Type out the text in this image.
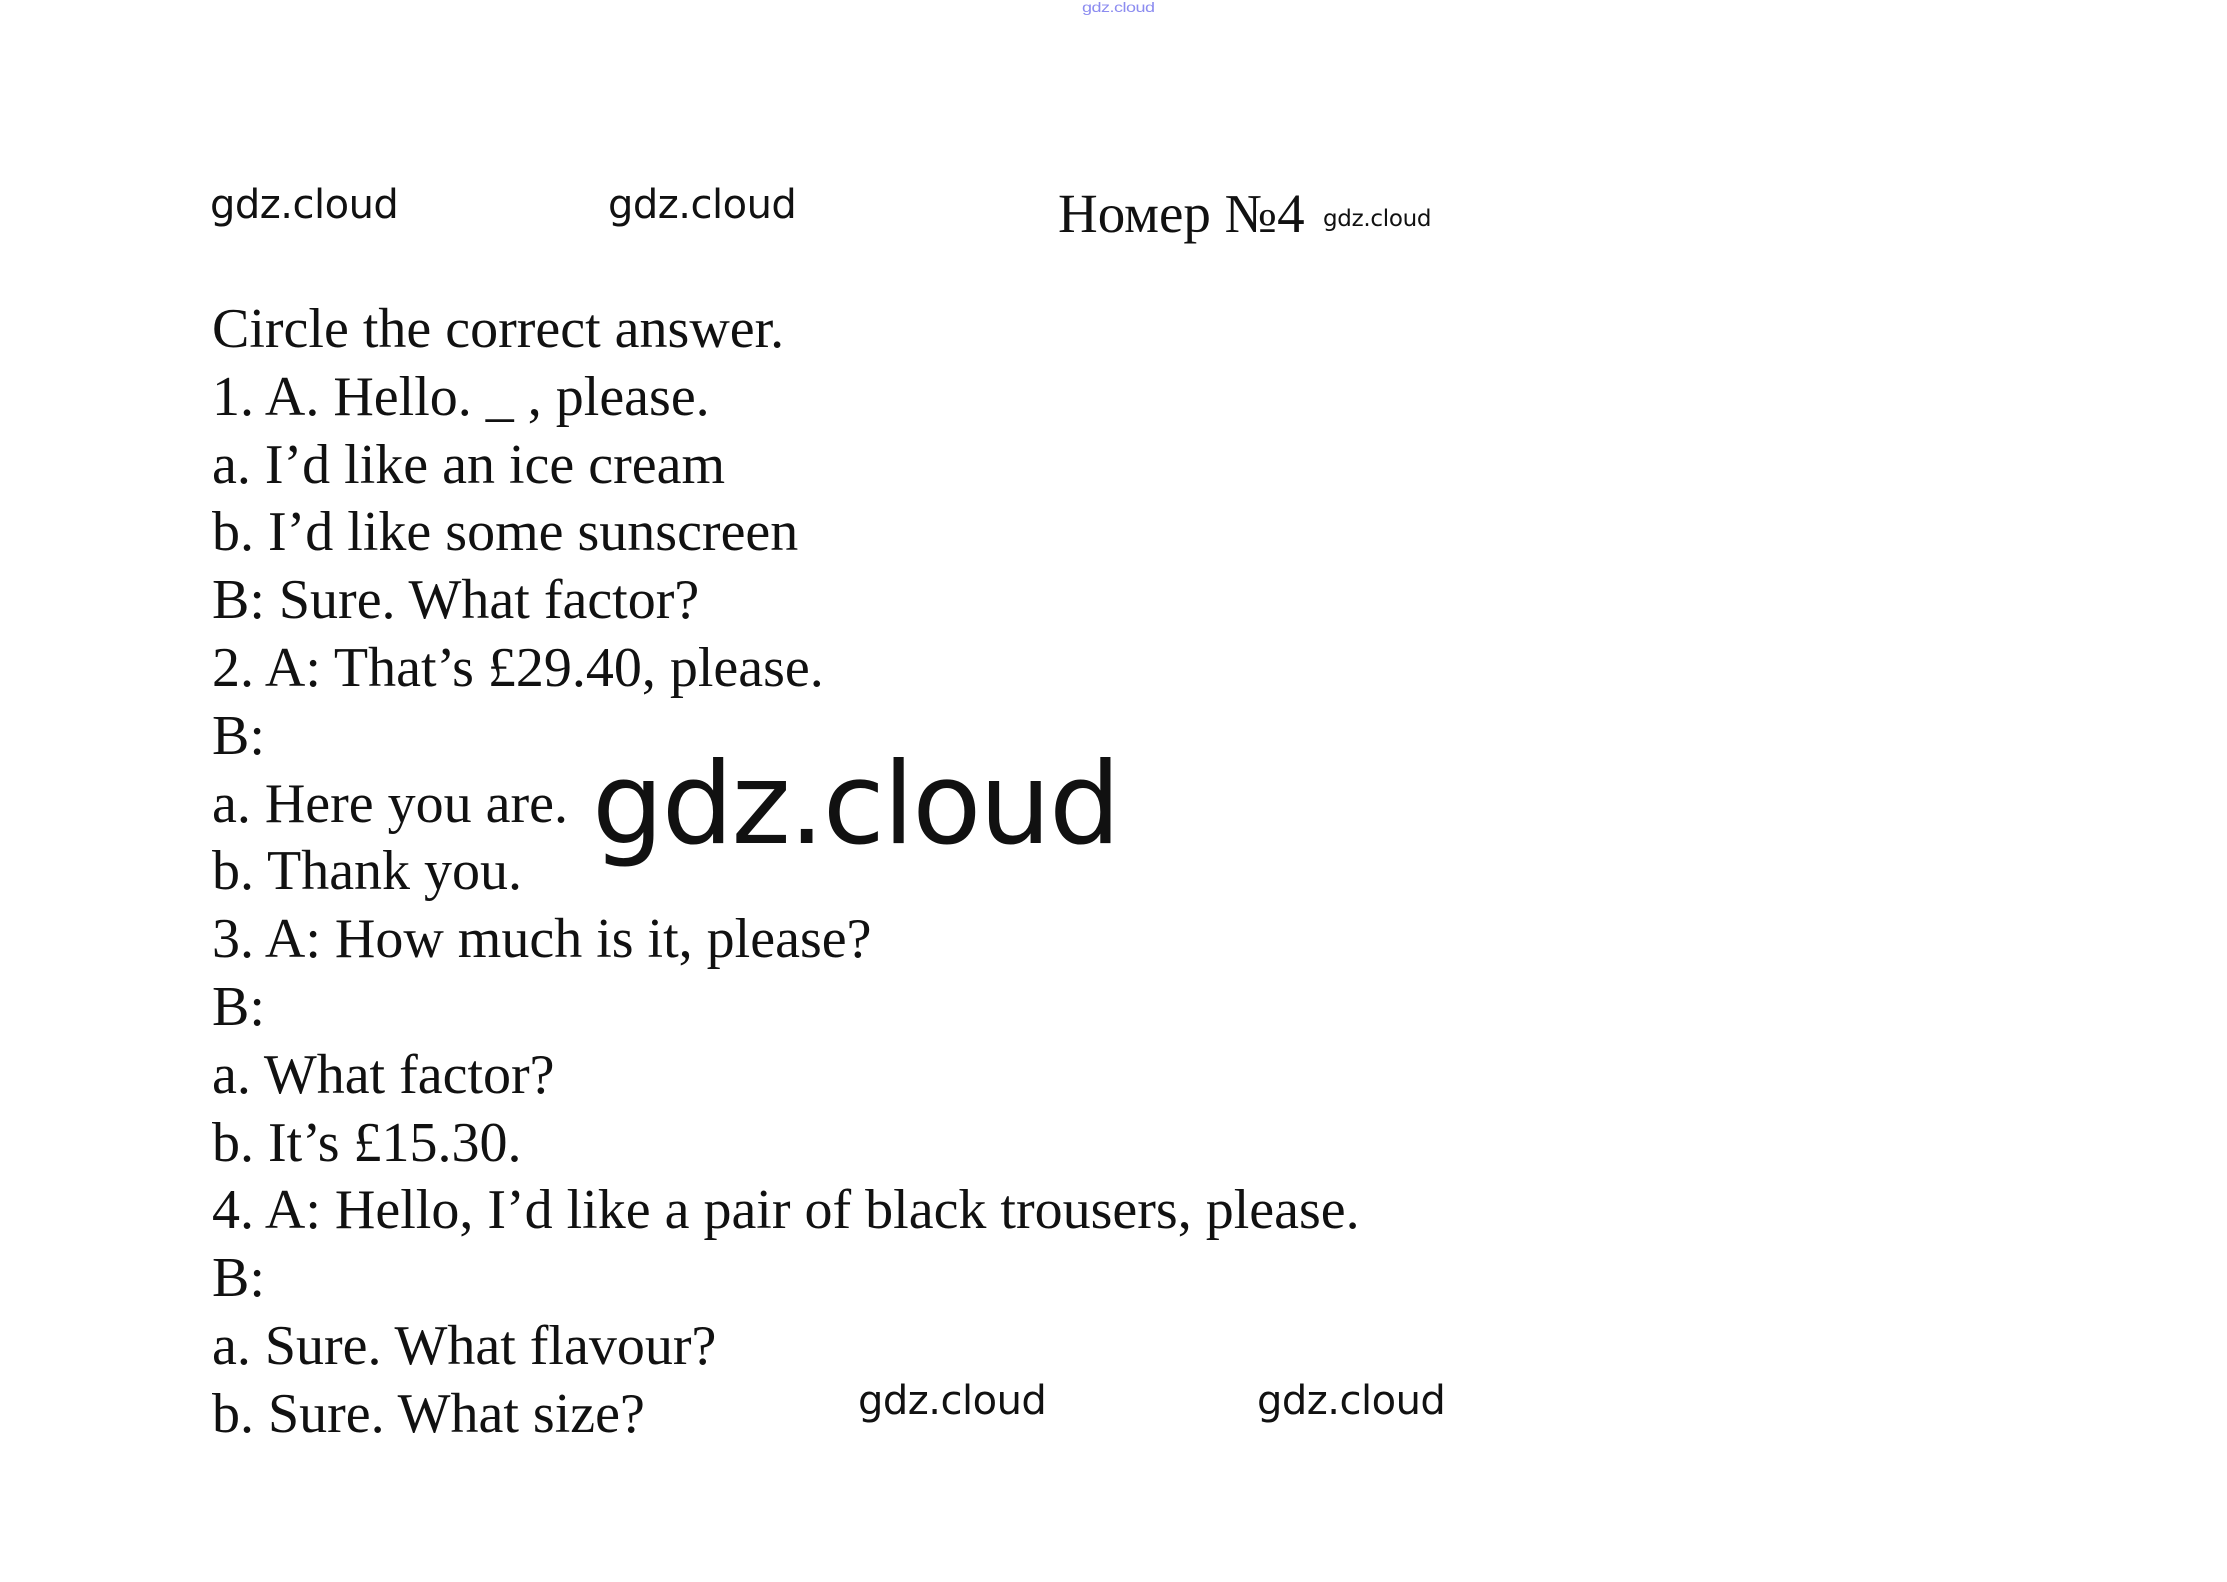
gdz.cloud
gdz.cloud	gdz.cloud	Номер №4 gdz.cloud
Circle the correct answer.
1. A. Hello. _ , please.
a. I’d like an ice cream
b. I’d like some sunscreen
B: Sure. What factor?
2. A: That’s £29.40, please.
B:
a. Here you are.
b. Thank you.
3. A: How much is it, please?
B:
a. What factor?
b. It’s £15.30.
4. A: Hello, I’d like a pair of black trousers, please.
B:
a. Sure. What flavour?
b. Sure. What size?
gdz.cloud
gdz.cloud	gdz.cloud
